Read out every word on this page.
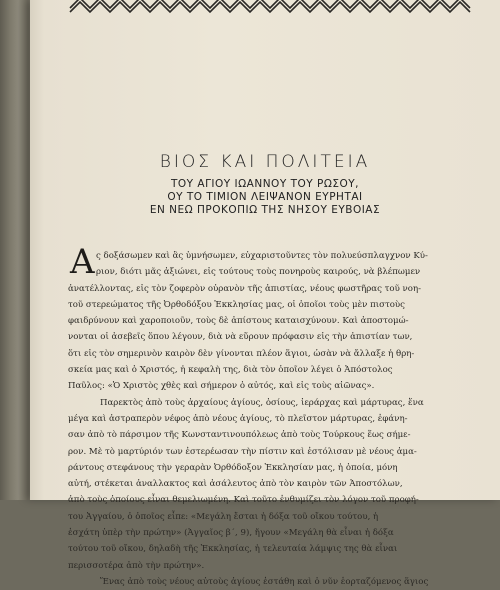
ΒΙΟΣ ΚΑΙ ΠΟΛΙΤΕΙΑ
ΤΟΥ ΑΓΙΟΥ ΙΩΑΝΝΟΥ ΤΟΥ ΡΩΣΟΥ,
ΟΥ ΤΟ ΤΙΜΙΟΝ ΛΕΙΨΑΝΟΝ ΕΥΡΗΤΑΙ
ΕΝ ΝΕΩ ΠΡΟΚΟΠΙΩ ΤΗΣ ΝΗΣΟΥ ΕΥΒΟΙΑΣ
Α ς δοξάσωμεν καὶ ἂς ὑμνήσωμεν, εὐχαριστοῦντες τὸν πολυεύσπλαγχνον Κύ-
ριον, διότι μᾶς ἀξιώνει, εἰς τούτους τοὺς πονηροὺς καιρούς, νὰ βλέπωμεν
ἀνατέλλοντας, εἰς τὸν ζοφερὸν οὐρανὸν τῆς ἀπιστίας, νέους φωστῆρας τοῦ νοη-
τοῦ στερεώματος τῆς Ὀρθοδόξου Ἐκκλησίας μας, οἱ ὁποῖοι τοὺς μὲν πιστοὺς
φαιδρύνουν καὶ χαροποιοῦν, τοὺς δὲ ἀπίστους καταισχύνουν. Καὶ ἀποστομώ-
νονται οἱ ἀσεβεῖς ὅπου λέγουν, διὰ νὰ εὕρουν πρόφασιν εἰς τὴν ἀπιστίαν των,
ὅτι εἰς τὸν σημερινὸν καιρὸν δὲν γίνονται πλέον ἅγιοι, ὡσὰν νὰ ἄλλαξε ἡ θρη-
σκεία μας καὶ ὁ Χριστός, ἡ κεφαλὴ της, διὰ τὸν ὁποῖον λέγει ὁ Ἀπόστολος
Παῦλος: «Ὁ Χριστὸς χθὲς καὶ σήμερον ὁ αὐτός, καὶ εἰς τοὺς αἰῶνας».
Παρεκτὸς ἀπὸ τοὺς ἀρχαίους ἁγίους, ὁσίους, ἱεράρχας καὶ μάρτυρας, ἕνα
μέγα καὶ ἀστραπερὸν νέφος ἀπὸ νέους ἁγίους, τὸ πλεῖστον μάρτυρας, ἐφάνη-
σαν ἀπὸ τὸ πάρσιμον τῆς Κωνσταντινουπόλεως ἀπὸ τοὺς Τούρκους ἕως σήμε-
ρον. Μὲ τὸ μαρτύριόν των ἐστερέωσαν τὴν πίστιν καὶ ἐστόλισαν μὲ νέους ἀμα-
ράντους στεφάνους τὴν γεραρὰν Ὀρθόδοξον Ἐκκλησίαν μας, ἡ ὁποία, μόνη
αὐτή, στέκεται ἀναλλακτος καὶ ἀσάλευτος ἀπὸ τὸν καιρὸν τῶν Ἀποστόλων,
ἀπὸ τοὺς ὁποίους εἶναι θεμελιωμένη. Καὶ τοῦτο ἐνθυμίζει τὸν λόγον τοῦ προφή-
του Ἀγγαίου, ὁ ὁποῖος εἶπε: «Μεγάλη ἔσται ἡ δόξα τοῦ οἴκου τούτου, ἡ
ἐσχάτη ὑπὲρ τὴν πρώτην» (Ἀγγαῖος β΄, 9), ἤγουν «Μεγάλη θὰ εἶναι ἡ δόξα
τούτου τοῦ οἴκου, δηλαδὴ τῆς Ἐκκλησίας, ἡ τελευταία λάμψις της θὰ εἶναι
περισσοτέρα ἀπὸ τὴν πρώτην».
Ἕνας ἀπὸ τοὺς νέους αὐτοὺς ἁγίους ἐστάθη καὶ ὁ νῦν ἑορταζόμενος ἅγιος
